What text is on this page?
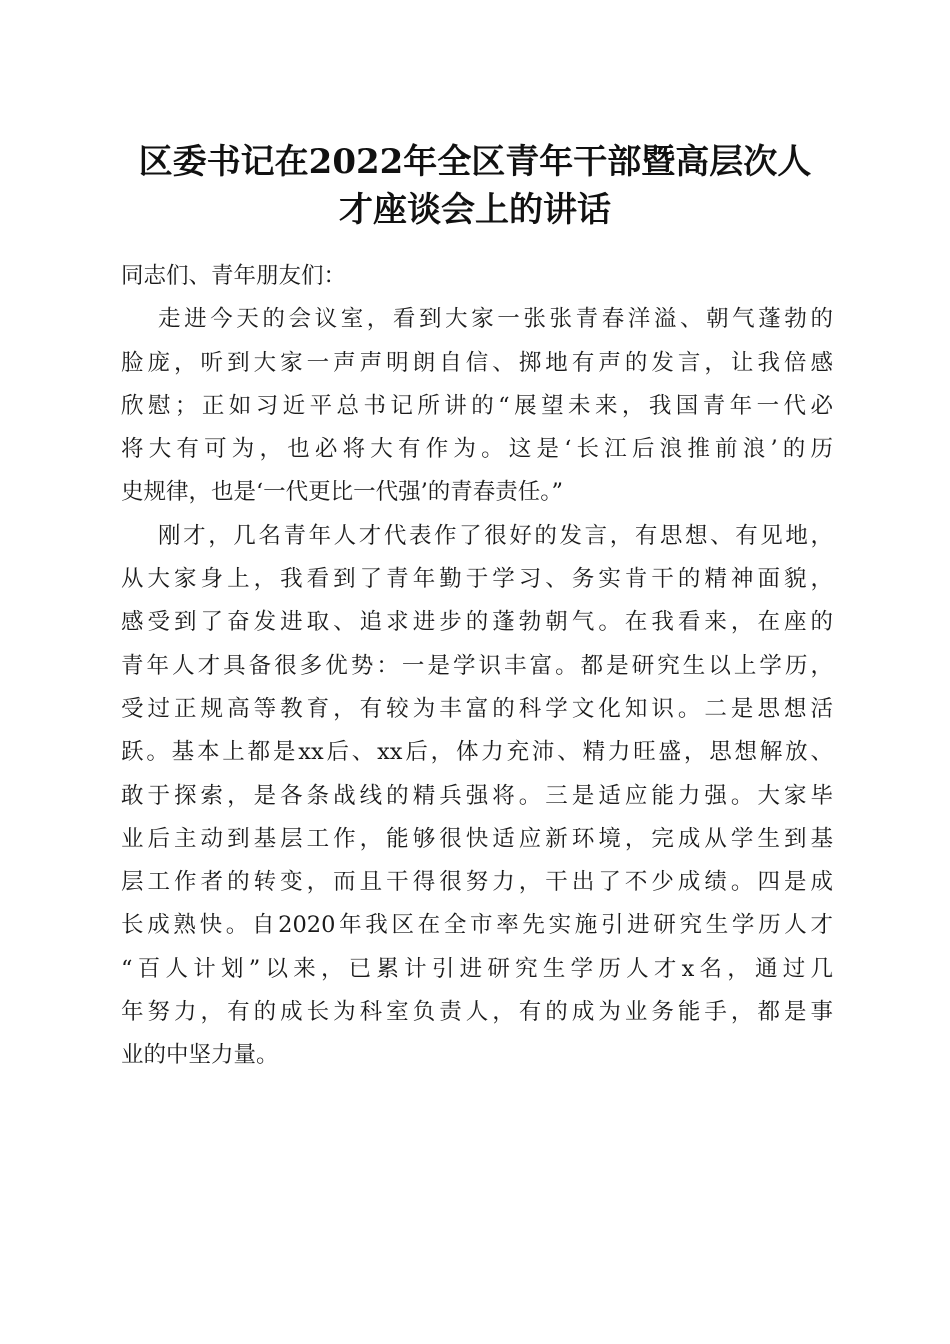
区委书记在2022年全区青年干部暨高层次人
才座谈会上的讲话
同志们、青年朋友们：
走进今天的会议室，看到大家一张张青春洋溢、朝气蓬勃的
脸庞，听到大家一声声明朗自信、掷地有声的发言，让我倍感
欣慰；正如习近平总书记所讲的“展望未来，我国青年一代必
将大有可为，也必将大有作为。这是‘长江后浪推前浪’的历
史规律，也是‘一代更比一代强’的青春责任。”
刚才，几名青年人才代表作了很好的发言，有思想、有见地，
从大家身上，我看到了青年勤于学习、务实肯干的精神面貌，
感受到了奋发进取、追求进步的蓬勃朝气。在我看来，在座的
青年人才具备很多优势：一是学识丰富。都是研究生以上学历，
受过正规高等教育，有较为丰富的科学文化知识。二是思想活
跃。基本上都是xx后、xx后，体力充沛、精力旺盛，思想解放、
敢于探索，是各条战线的精兵强将。三是适应能力强。大家毕
业后主动到基层工作，能够很快适应新环境，完成从学生到基
层工作者的转变，而且干得很努力，干出了不少成绩。四是成
长成熟快。自2020年我区在全市率先实施引进研究生学历人才
“百人计划”以来，已累计引进研究生学历人才x名，通过几
年努力，有的成长为科室负责人，有的成为业务能手，都是事
业的中坚力量。
